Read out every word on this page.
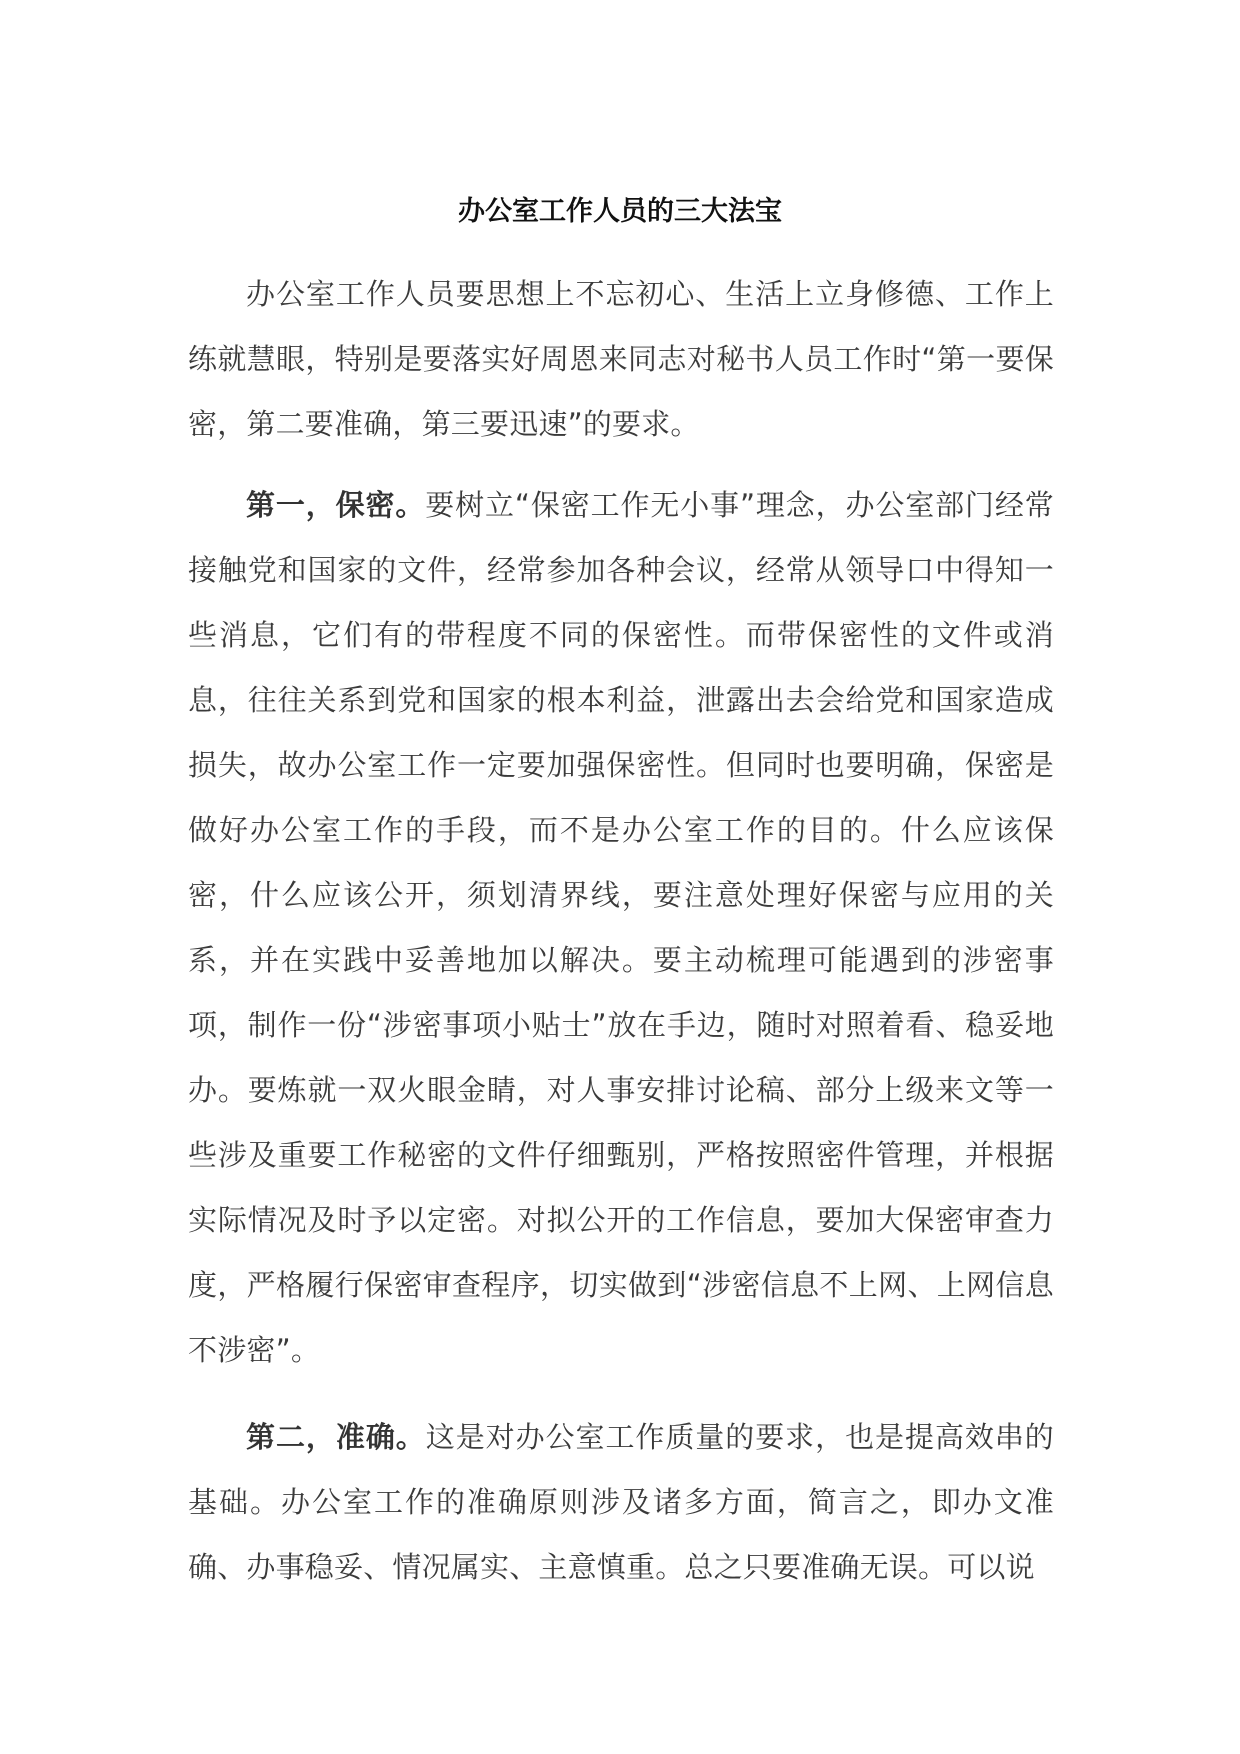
办公室工作人员的三大法宝

办公室工作人员要思想上不忘初心、生活上立身修德、工作上练就慧眼，特别是要落实好周恩来同志对秘书人员工作时“第一要保密，第二要准确，第三要迅速”的要求。

第一，保密。要树立“保密工作无小事”理念，办公室部门经常接触党和国家的文件，经常参加各种会议，经常从领导口中得知一些消息，它们有的带程度不同的保密性。而带保密性的文件或消息，往往关系到党和国家的根本利益，泄露出去会给党和国家造成损失，故办公室工作一定要加强保密性。但同时也要明确，保密是做好办公室工作的手段，而不是办公室工作的目的。什么应该保密，什么应该公开，须划清界线，要注意处理好保密与应用的关系，并在实践中妥善地加以解决。要主动梳理可能遇到的涉密事项，制作一份“涉密事项小贴士”放在手边，随时对照着看、稳妥地办。要炼就一双火眼金睛，对人事安排讨论稿、部分上级来文等一些涉及重要工作秘密的文件仔细甄别，严格按照密件管理，并根据实际情况及时予以定密。对拟公开的工作信息，要加大保密审查力度，严格履行保密审查程序，切实做到“涉密信息不上网、上网信息不涉密”。

第二，准确。这是对办公室工作质量的要求，也是提高效串的基础。办公室工作的准确原则涉及诸多方面，简言之，即办文准确、办事稳妥、情况属实、主意慎重。总之只要准确无误。可以说
